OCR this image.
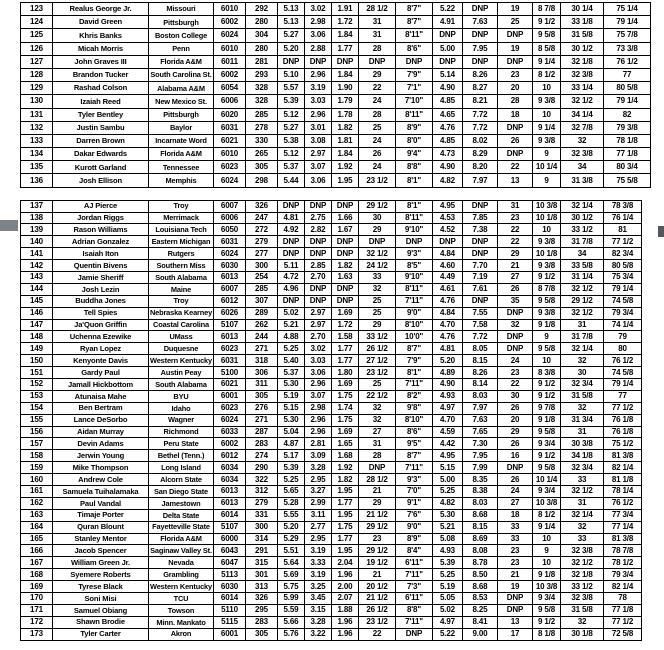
123	Realus George Jr.	Missouri	6010	292	5.13	3.02	1.91	28 1/2	8'7"	5.22	DNP	19	8 7/8	30 1/4	75 1/4
124	David Green	Pittsburgh	6002	280	5.13	2.98	1.72	31	8'7"	4.91	7.63	25	9 1/2	33 1/8	79 1/4
125	Khris Banks	Boston College	6024	304	5.27	3.06	1.84	31	8'11"	DNP	DNP	DNP	9 5/8	31 5/8	75 7/8
126	Micah Morris	Penn	6010	280	5.20	2.88	1.77	28	8'6"	5.00	7.95	19	8 5/8	30 1/2	73 3/8
127	John Graves III	Florida A&M	6011	281	DNP	DNP	DNP	DNP	DNP	DNP	DNP	DNP	9 1/4	32 1/8	76 1/2
128	Brandon Tucker	South Carolina St.	6002	293	5.10	2.96	1.84	29	7'9"	5.14	8.26	23	8 1/2	32 3/8	77
129	Rashad Colson	Alabama A&M	6054	328	5.57	3.19	1.90	22	7'1"	4.90	8.27	20	10	33 1/4	80 5/8
130	Izaiah Reed	New Mexico St.	6006	328	5.39	3.03	1.79	24	7'10"	4.85	8.21	28	9 3/8	32 1/2	79 1/4
131	Tyler Bentley	Pittsburgh	6020	285	5.12	2.96	1.78	28	8'11"	4.65	7.72	18	10	34 1/4	82
132	Justin Sambu	Baylor	6031	278	5.27	3.01	1.82	25	8'9"	4.76	7.72	DNP	9 1/4	32 7/8	79 3/8
133	Darren Brown	Incarnate Word	6021	330	5.38	3.08	1.81	24	8'0"	4.85	8.02	26	9 3/8	32	78 1/8
134	Dakar Edwards	Florida A&M	6010	265	5.12	2.97	1.84	26	9'4"	4.73	8.29	DNP	9	32 3/8	77 1/8
135	Kurott Garland	Tennessee	6023	305	5.37	3.07	1.92	24	8'8"	4.90	8.20	22	10 1/4	34	80 3/4
136	Josh Ellison	Memphis	6024	298	5.44	3.06	1.95	23 1/2	8'1"	4.82	7.97	13	9	31 3/8	75 5/8
137	AJ Pierce	Troy	6007	326	DNP	DNP	DNP	29 1/2	8'1"	4.95	DNP	31	10 3/8	32 1/4	78 3/8
138	Jordan Riggs	Merrimack	6006	247	4.81	2.75	1.66	30	8'11"	4.53	7.85	23	10 1/8	30 1/2	76 1/4
139	Rason Williams	Louisiana Tech	6050	272	4.92	2.82	1.67	29	9'10"	4.52	7.38	22	10	33 1/2	81
140	Adrian Gonzalez	Eastern Michigan	6031	279	DNP	DNP	DNP	DNP	DNP	DNP	DNP	22	9 3/8	31 7/8	77 1/2
141	Isaiah Iton	Rutgers	6024	277	DNP	DNP	DNP	32 1/2	9'3"	4.84	DNP	29	10 1/8	34	82 3/4
142	Quentin Bivens	Southern Miss	6030	300	5.11	2.85	1.82	24 1/2	8'5"	4.60	7.70	21	9 3/8	33 5/8	80 5/8
143	Jamie Sheriff	South Alabama	6013	254	4.72	2.70	1.63	33	9'10"	4.49	7.19	27	9 1/2	31 1/4	75 3/4
144	Josh Lezin	Maine	6007	285	4.96	DNP	DNP	32	8'11"	4.61	7.61	26	8 7/8	32 1/2	79 1/4
145	Buddha Jones	Troy	6012	307	DNP	DNP	DNP	25	7'11"	4.76	DNP	35	9 5/8	29 1/2	74 5/8
146	Tell Spies	Nebraska Kearney	6026	289	5.02	2.97	1.69	25	9'0"	4.84	7.55	DNP	9 3/8	32 1/2	79 3/4
147	Ja'Quon Griffin	Coastal Carolina	5107	262	5.21	2.97	1.72	29	8'10"	4.70	7.58	32	9 1/8	31	74 1/4
148	Uchenna Ezewike	UMass	6013	244	4.88	2.70	1.58	33 1/2	10'0"	4.76	7.72	DNP	9	31 7/8	79
149	Ryan Lopez	Duquesne	6023	271	5.25	3.02	1.77	26 1/2	8'7"	4.81	8.05	DNP	9 5/8	32 1/4	80
150	Kenyonte Davis	Western Kentucky	6031	318	5.40	3.03	1.77	27 1/2	7'9"	5.20	8.15	24	10	32	76 1/2
151	Gardy Paul	Austin Peay	5100	306	5.37	3.06	1.80	23 1/2	8'1"	4.89	8.26	23	8 3/8	30	74 5/8
152	Jamall Hickbottom	South Alabama	6021	311	5.30	2.96	1.69	25	7'11"	4.90	8.14	22	9 1/2	32 3/4	79 1/4
153	Atunaisa Mahe	BYU	6001	305	5.19	3.07	1.75	22 1/2	8'2"	4.93	8.03	30	9 1/2	31 5/8	77
154	Ben Bertram	Idaho	6023	276	5.15	2.98	1.74	32	9'8"	4.97	7.97	26	9 7/8	32	77 1/2
155	Lance DeSorbo	Wagner	6024	271	5.30	2.96	1.75	32	8'10"	4.70	7.63	20	9 1/8	31 3/4	76 1/8
156	Aidan Murray	Richmond	6033	287	5.04	2.96	1.69	27	8'6"	4.59	7.65	29	9 5/8	31	76 1/8
157	Devin Adams	Peru State	6002	283	4.87	2.81	1.65	31	9'5"	4.42	7.30	26	9 3/4	30 3/8	75 1/2
158	Jerwin Young	Bethel (Tenn.)	6012	274	5.17	3.09	1.68	28	8'7"	4.95	7.95	16	9 1/2	34 1/8	81 3/8
159	Mike Thompson	Long Island	6034	290	5.39	3.28	1.92	DNP	7'11"	5.15	7.99	DNP	9 5/8	32 3/4	82 1/4
160	Andrew Cole	Alcorn State	6034	322	5.25	2.95	1.82	28 1/2	9'3"	5.00	8.35	26	10 1/4	33	81 1/8
161	Samuela Tuihalamaka	San Diego State	6013	312	5.65	3.27	1.95	21	7'0"	5.25	8.38	24	9 3/4	32 1/2	78 1/4
162	Paul Vandal	Jamestown	6013	279	5.28	2.99	1.77	29	9'1"	4.82	8.03	27	10 3/8	31	76 1/2
163	Timaje Porter	Delta State	6014	331	5.55	3.11	1.95	21 1/2	7'6"	5.30	8.68	18	8 1/2	32 1/4	77 3/4
164	Quran Blount	Fayetteville State	5107	300	5.20	2.77	1.75	29 1/2	9'0"	5.21	8.15	33	9 1/4	32	77 1/4
165	Stanley Mentor	Florida A&M	6000	314	5.29	2.95	1.77	23	8'9"	5.08	8.69	33	10	33	81 3/8
166	Jacob Spencer	Saginaw Valley St.	6043	291	5.51	3.19	1.95	29 1/2	8'4"	4.93	8.08	23	9	32 3/8	78 7/8
167	William Green Jr.	Nevada	6047	315	5.64	3.33	2.04	19 1/2	6'11"	5.39	8.78	23	10	32 1/2	78 1/2
168	Syemere Roberts	Grambling	5113	301	5.69	3.19	1.96	21	7'11"	5.25	8.50	21	9 1/8	32 1/8	79 3/4
169	Tyrese Black	Western Kentucky	6030	313	5.75	3.25	2.00	20 1/2	7'3"	5.19	8.68	19	10 3/8	33 1/2	82 1/4
170	Soni Misi	TCU	6014	326	5.99	3.45	2.07	21 1/2	6'11"	5.05	8.53	DNP	9 3/4	32 3/8	78
171	Samuel Obiang	Towson	5110	295	5.59	3.15	1.88	26 1/2	8'8"	5.02	8.25	DNP	9 5/8	31 5/8	77 1/8
172	Shawn Brodie	Minn. Mankato	5115	283	5.66	3.28	1.96	23 1/2	7'11"	4.97	8.41	13	9 1/2	32	77 1/2
173	Tyler Carter	Akron	6001	305	5.76	3.22	1.96	22	DNP	5.22	9.00	17	8 1/8	30 1/8	72 5/8
